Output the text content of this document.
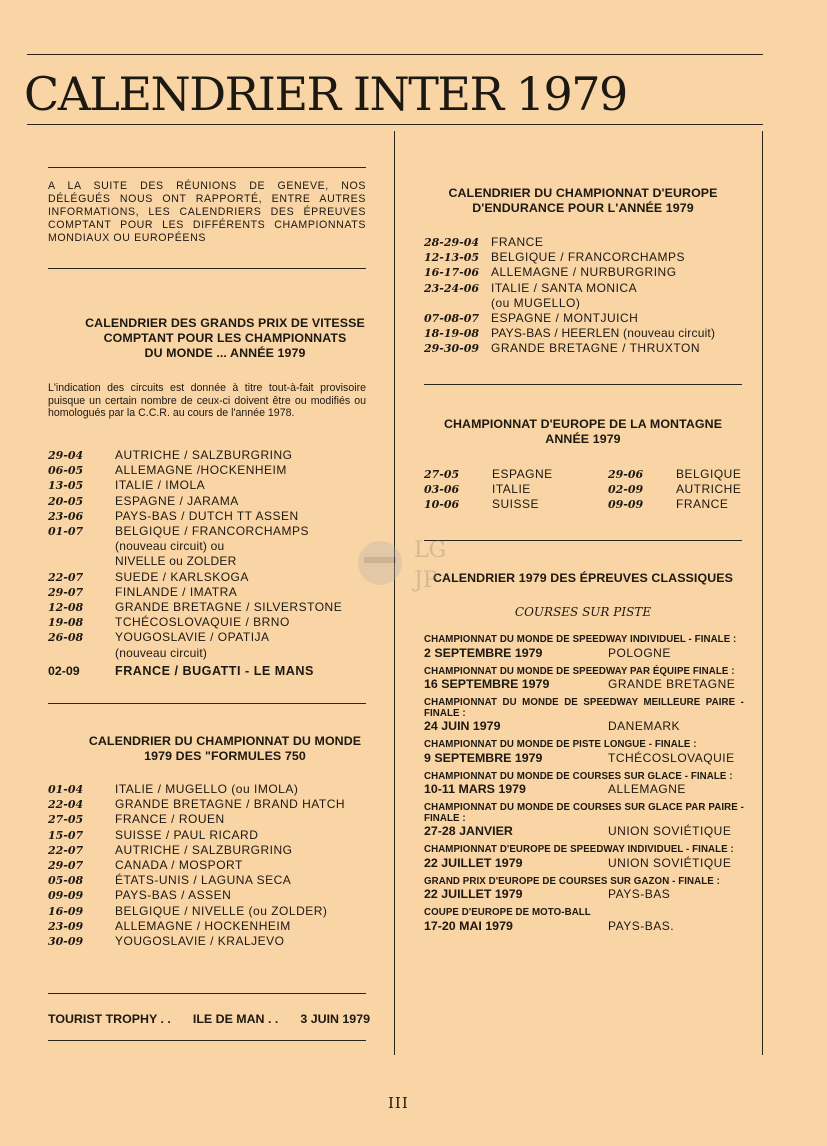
CALENDRIER INTER 1979
A LA SUITE DES RÉUNIONS DE GENEVE, NOS DÉLÉGUÉS NOUS ONT RAPPORTÉ, ENTRE AUTRES INFORMATIONS, LES CALENDRIERS DES ÉPREUVES COMPTANT POUR LES DIFFÉRENTS CHAMPIONNATS MONDIAUX OU EUROPÉENS
CALENDRIER DES GRANDS PRIX DE VITESSE
COMPTANT POUR LES CHAMPIONNATS
DU MONDE ... ANNÉE 1979
L'indication des circuits est donnée à titre tout-à-fait provisoire puisque un certain nombre de ceux-ci doivent être ou modifiés ou homologués par la C.C.R. au cours de l'année 1978.
29-04	AUTRICHE / SALZBURGRING
06-05	ALLEMAGNE /HOCKENHEIM
13-05	ITALIE / IMOLA
20-05	ESPAGNE / JARAMA
23-06	PAYS-BAS / DUTCH TT ASSEN
01-07	BELGIQUE / FRANCORCHAMPS
(nouveau circuit) ou
NIVELLE ou ZOLDER
22-07	SUEDE / KARLSKOGA
29-07	FINLANDE / IMATRA
12-08	GRANDE BRETAGNE / SILVERSTONE
19-08	TCHÉCOSLOVAQUIE / BRNO
26-08	YOUGOSLAVIE / OPATIJA
(nouveau circuit)
02-09	FRANCE / BUGATTI - LE MANS
CALENDRIER DU CHAMPIONNAT DU MONDE
1979 DES "FORMULES 750
01-04	ITALIE / MUGELLO (ou IMOLA)
22-04	GRANDE BRETAGNE / BRAND HATCH
27-05	FRANCE / ROUEN
15-07	SUISSE / PAUL RICARD
22-07	AUTRICHE / SALZBURGRING
29-07	CANADA / MOSPORT
05-08	ÉTATS-UNIS / LAGUNA SECA
09-09	PAYS-BAS / ASSEN
16-09	BELGIQUE / NIVELLE (ou ZOLDER)
23-09	ALLEMAGNE / HOCKENHEIM
30-09	YOUGOSLAVIE / KRALJEVO
TOURIST TROPHY . . ILE DE MAN . . 3 JUIN 1979
CALENDRIER DU CHAMPIONNAT D'EUROPE
D'ENDURANCE POUR L'ANNÉE 1979
28-29-04 FRANCE
12-13-05 BELGIQUE / FRANCORCHAMPS
16-17-06 ALLEMAGNE / NURBURGRING
23-24-06 ITALIE / SANTA MONICA
(ou MUGELLO)
07-08-07 ESPAGNE / MONTJUICH
18-19-08 PAYS-BAS / HEERLEN (nouveau circuit)
29-30-09 GRANDE BRETAGNE / THRUXTON
CHAMPIONNAT D'EUROPE DE LA MONTAGNE
ANNÉE 1979
27-05	ESPAGNE	29-06	BELGIQUE
03-06	ITALIE	02-09	AUTRICHE
10-06	SUISSE	09-09	FRANCE
CALENDRIER 1979 DES ÉPREUVES CLASSIQUES
COURSES SUR PISTE
CHAMPIONNAT DU MONDE DE SPEEDWAY INDIVIDUEL - FINALE :
2 SEPTEMBRE 1979	POLOGNE
CHAMPIONNAT DU MONDE DE SPEEDWAY PAR ÉQUIPE FINALE :
16 SEPTEMBRE 1979	GRANDE BRETAGNE
CHAMPIONNAT DU MONDE DE SPEEDWAY MEILLEURE PAIRE - FINALE :
24 JUIN 1979	DANEMARK
CHAMPIONNAT DU MONDE DE PISTE LONGUE - FINALE :
9 SEPTEMBRE 1979	TCHÉCOSLOVAQUIE
CHAMPIONNAT DU MONDE DE COURSES SUR GLACE - FINALE :
10-11 MARS 1979	ALLEMAGNE
CHAMPIONNAT DU MONDE DE COURSES SUR GLACE PAR PAIRE - FINALE :
27-28 JANVIER	UNION SOVIÉTIQUE
CHAMPIONNAT D'EUROPE DE SPEEDWAY INDIVIDUEL - FINALE :
22 JUILLET 1979	UNION SOVIÉTIQUE
GRAND PRIX D'EUROPE DE COURSES SUR GAZON - FINALE :
22 JUILLET 1979	PAYS-BAS
COUPE D'EUROPE DE MOTO-BALL
17-20 MAI 1979	PAYS-BAS.
LG
JP
III
